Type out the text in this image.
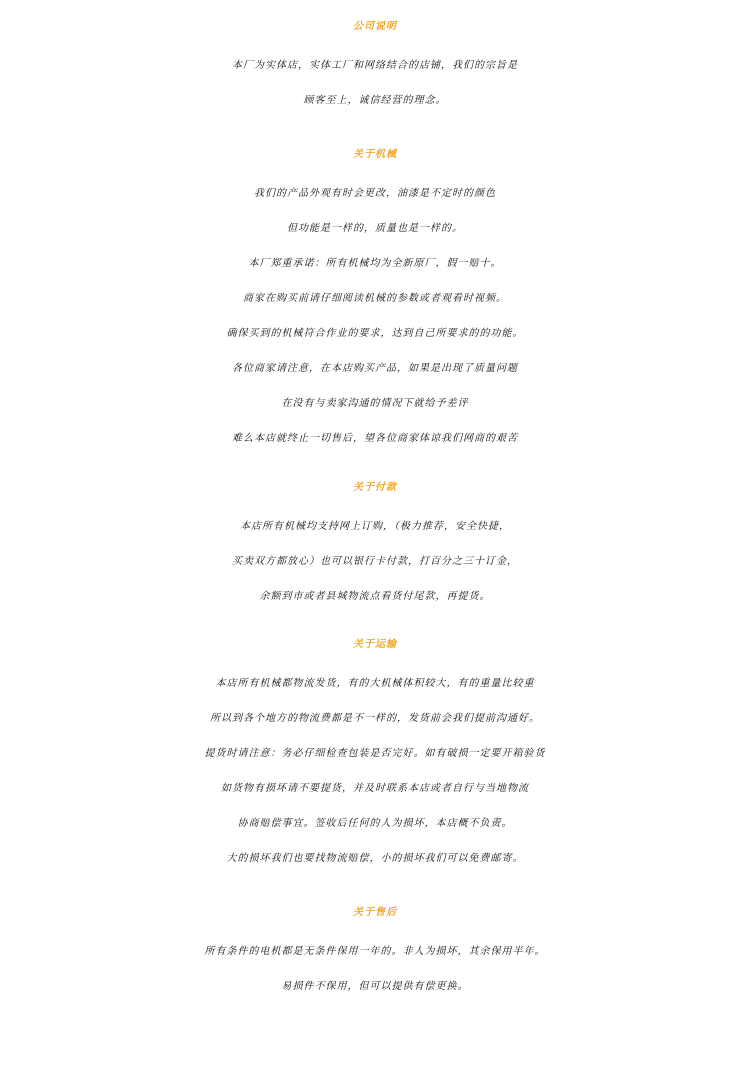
公司说明
本厂为实体店，实体工厂和网络结合的店铺，我们的宗旨是
顾客至上，诚信经营的理念。
关于机械
我们的产品外观有时会更改，油漆是不定时的颜色
但功能是一样的，质量也是一样的。
本厂郑重承诺：所有机械均为全新原厂，假一赔十。
商家在购买前请仔细阅读机械的参数或者观看时视频。
确保买到的机械符合作业的要求，达到自己所要求的的功能。
各位商家请注意，在本店购买产品，如果是出现了质量问题
在没有与卖家沟通的情况下就给予差评
难么本店就终止一切售后，望各位商家体谅我们网商的艰苦
关于付款
本店所有机械均支持网上订购，（极力推荐，安全快捷，
买卖双方都放心）也可以银行卡付款，打百分之三十订金，
余额到市或者县城物流点看货付尾款，再提货。
关于运输
本店所有机械都物流发货，有的大机械体积较大，有的重量比较重
所以到各个地方的物流费都是不一样的，发货前会我们提前沟通好。
提货时请注意：务必仔细检查包装是否完好。如有破损一定要开箱验货
如货物有损坏请不要提货，并及时联系本店或者自行与当地物流
协商赔偿事宜。签收后任何的人为损坏，本店概不负责。
大的损坏我们也要找物流赔偿，小的损坏我们可以免费邮寄。
关于售后
所有条件的电机都是无条件保用一年的。非人为损坏，其余保用半年。
易损件不保用，但可以提供有偿更换。
